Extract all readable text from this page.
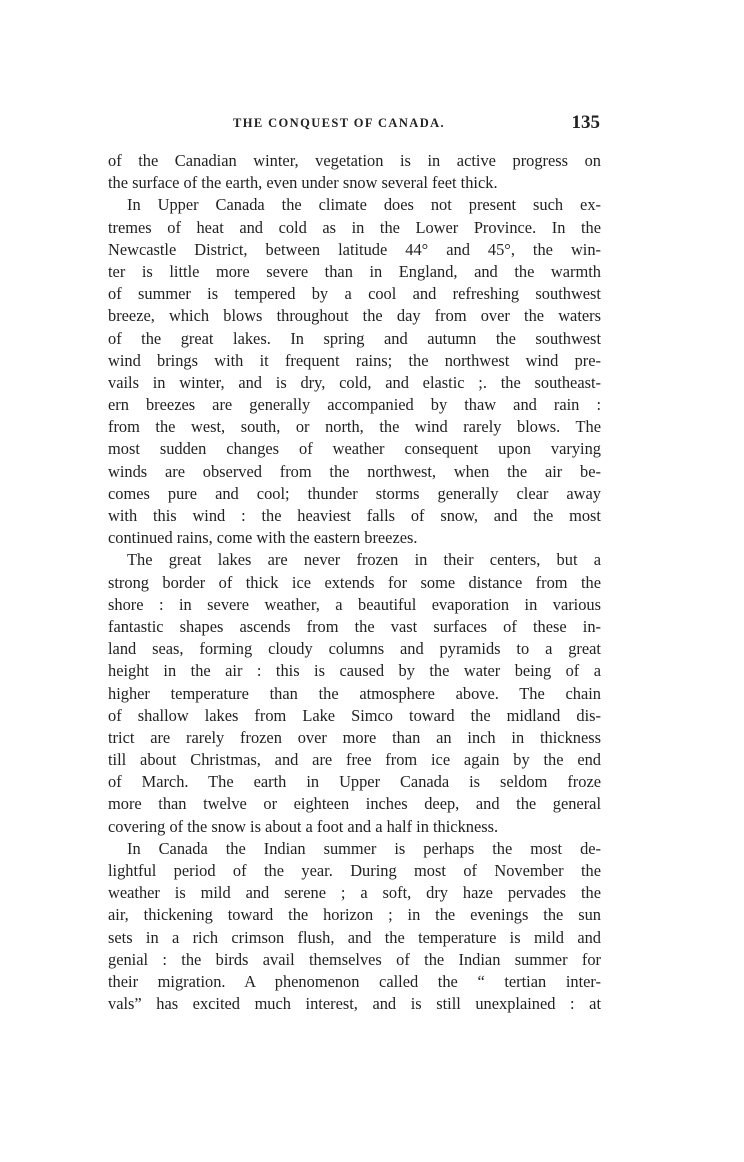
THE CONQUEST OF CANADA.	135
of the Canadian winter, vegetation is in active progress on
the surface of the earth, even under snow several feet thick.
In Upper Canada the climate does not present such ex-
tremes of heat and cold as in the Lower Province. In the
Newcastle District, between latitude 44° and 45°, the win-
ter is little more severe than in England, and the warmth
of summer is tempered by a cool and refreshing southwest
breeze, which blows throughout the day from over the waters
of the great lakes. In spring and autumn the southwest
wind brings with it frequent rains; the northwest wind pre-
vails in winter, and is dry, cold, and elastic ;. the southeast-
ern breezes are generally accompanied by thaw and rain :
from the west, south, or north, the wind rarely blows. The
most sudden changes of weather consequent upon varying
winds are observed from the northwest, when the air be-
comes pure and cool; thunder storms generally clear away
with this wind : the heaviest falls of snow, and the most
continued rains, come with the eastern breezes.
The great lakes are never frozen in their centers, but a
strong border of thick ice extends for some distance from the
shore : in severe weather, a beautiful evaporation in various
fantastic shapes ascends from the vast surfaces of these in-
land seas, forming cloudy columns and pyramids to a great
height in the air : this is caused by the water being of a
higher temperature than the atmosphere above. The chain
of shallow lakes from Lake Simco toward the midland dis-
trict are rarely frozen over more than an inch in thickness
till about Christmas, and are free from ice again by the end
of March. The earth in Upper Canada is seldom froze
more than twelve or eighteen inches deep, and the general
covering of the snow is about a foot and a half in thickness.
In Canada the Indian summer is perhaps the most de-
lightful period of the year. During most of November the
weather is mild and serene ; a soft, dry haze pervades the
air, thickening toward the horizon ; in the evenings the sun
sets in a rich crimson flush, and the temperature is mild and
genial : the birds avail themselves of the Indian summer for
their migration. A phenomenon called the “ tertian inter-
vals” has excited much interest, and is still unexplained : at
